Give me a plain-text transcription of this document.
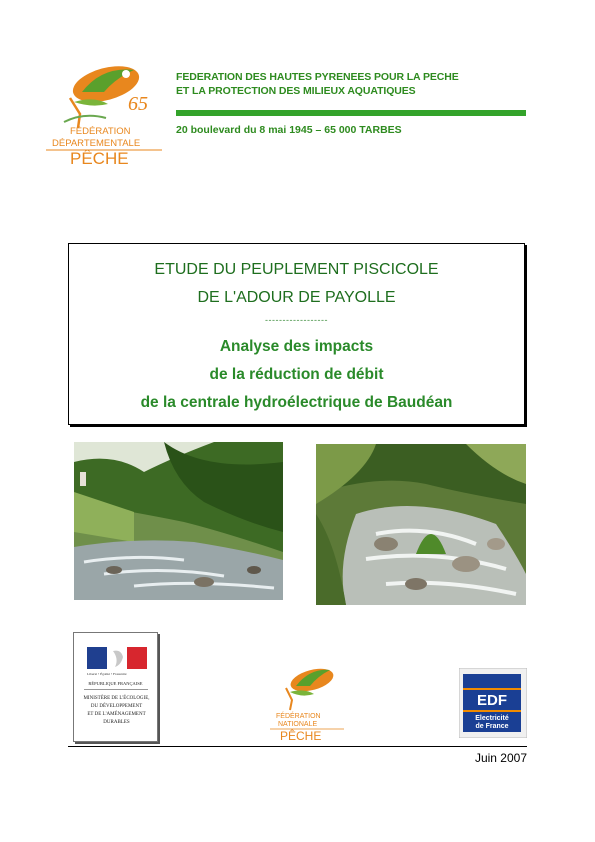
65
FÉDÉRATION
DÉPARTEMENTALE
PÊCHE
FEDERATION DES HAUTES PYRENEES POUR LA PECHE
ET LA PROTECTION DES MILIEUX AQUATIQUES
20 boulevard du 8 mai 1945 – 65 000 TARBES
ETUDE DU PEUPLEMENT PISCICOLE
DE L'ADOUR DE PAYOLLE
------------------
Analyse des impacts
de la réduction de débit
de la centrale hydroélectrique de Baudéan
Liberté • Égalité • Fraternité
RÉPUBLIQUE FRANÇAISE
MINISTÈRE DE L'ÉCOLOGIE,
DU DÉVELOPPEMENT
ET DE L'AMÉNAGEMENT
DURABLES
FÉDÉRATION
NATIONALE
PÊCHE
EDF
Electricité
de France
Juin 2007
